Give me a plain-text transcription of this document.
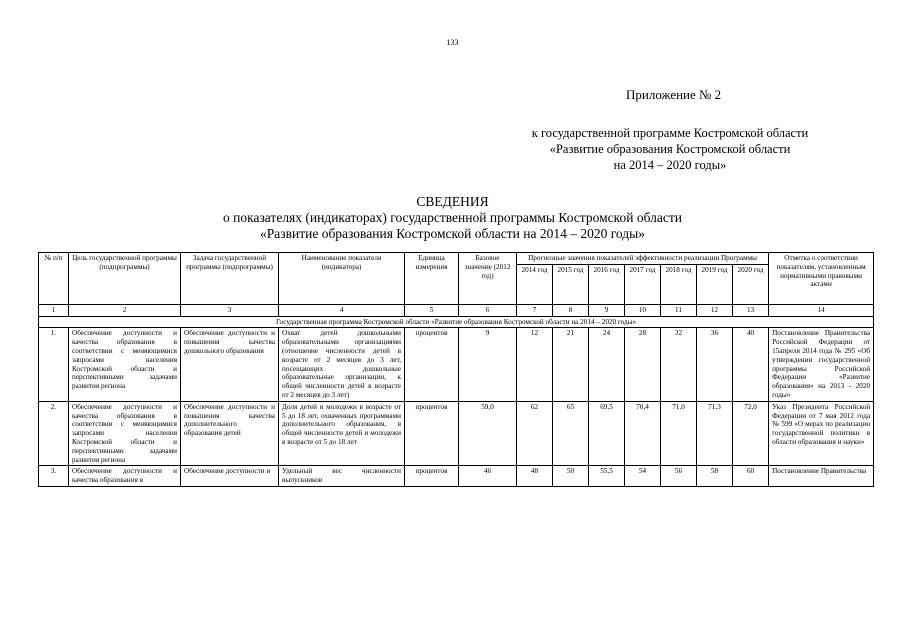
133
Приложение № 2
к государственной программе Костромской области
«Развитие образования Костромской области
на 2014 – 2020 годы»
СВЕДЕНИЯ
о показателях (индикаторах) государственной программы Костромской области
«Развитие образования Костромской области на 2014 – 2020 годы»
№ п/п	Цель государственной программы (подпрограммы)	Задача государственной программы (подпрограммы)	Наименование показателя (индикатора)	Единица измерения	Базовое значение (2012 год)	Прогнозные значения показателей эффективности реализации Программы							Отметка о соответствии показателям, установленным нормативными правовыми актами
						2014 год	2015 год	2016 год	2017 год	2018 год	2019 год	2020 год	
1	2	3	4	5	6	7	8	9	10	11	12	13	14
Государственная программа Костромской области «Развитие образования Костромской области на 2014 – 2020 годы»													
1.	Обеспечение доступности и качества образования в соответствии с меняющимися запросами населения Костромской области и перспективными задачами развития региона	Обеспечение доступности и повышения качества дошкольного образования	Охват детей дошкольными образовательными организациями (отношение численности детей в возрасте от 2 месяцев до 3 лет, посещающих дошкольные образовательные организации, к общей численности детей в возрасте от 2 месяцев до 3 лет)	процентов	9	12	21	24	28	32	36	40	Постановление Правительства Российской Федерации от 15апреля 2014 года № 295 «Об утверждении государственной программы Российской Федерации «Развитие образования» на 2013 - 2020 годы»
2.	Обеспечение доступности и качества образования в соответствии с меняющимися запросами населения Костромской области и перспективными задачами развития региона	Обеспечение доступности и повышения качества дополнительного образования детей	Доля детей и молодежи в возрасте от 5 до 18 лет, охваченных программами дополнительного образования, в общей численности детей и молодежи в возрасте от 5 до 18 лет	процентов	59,0	62	65	69,5	70,4	71,0	71,3	72,0	Указ Президента Российской Федерации от 7 мая 2012 года № 599 «О мерах по реализации государственной политики в области образования и науки»
3.	Обеспечение доступности и качества образования в	Обеспечение доступности и	Удельный вес численности выпускников	процентов	46	48	50	55,5	54	56	58	60	Постановление Правительства
